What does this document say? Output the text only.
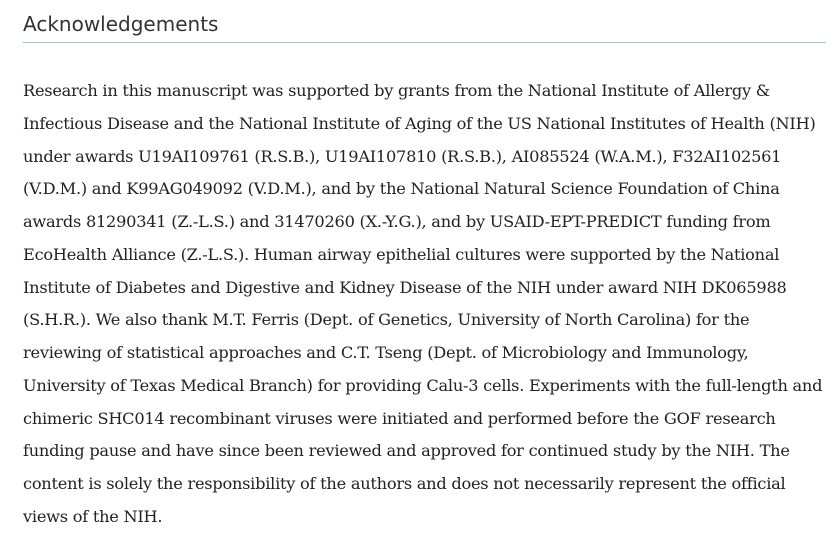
Acknowledgements

Research in this manuscript was supported by grants from the National Institute of Allergy & Infectious Disease and the National Institute of Aging of the US National Institutes of Health (NIH) under awards U19AI109761 (R.S.B.), U19AI107810 (R.S.B.), AI085524 (W.A.M.), F32AI102561 (V.D.M.) and K99AG049092 (V.D.M.), and by the National Natural Science Foundation of China awards 81290341 (Z.-L.S.) and 31470260 (X.-Y.G.), and by USAID-EPT-PREDICT funding from EcoHealth Alliance (Z.-L.S.). Human airway epithelial cultures were supported by the National Institute of Diabetes and Digestive and Kidney Disease of the NIH under award NIH DK065988 (S.H.R.). We also thank M.T. Ferris (Dept. of Genetics, University of North Carolina) for the reviewing of statistical approaches and C.T. Tseng (Dept. of Microbiology and Immunology, University of Texas Medical Branch) for providing Calu-3 cells. Experiments with the full-length and chimeric SHC014 recombinant viruses were initiated and performed before the GOF research funding pause and have since been reviewed and approved for continued study by the NIH. The content is solely the responsibility of the authors and does not necessarily represent the official views of the NIH.
